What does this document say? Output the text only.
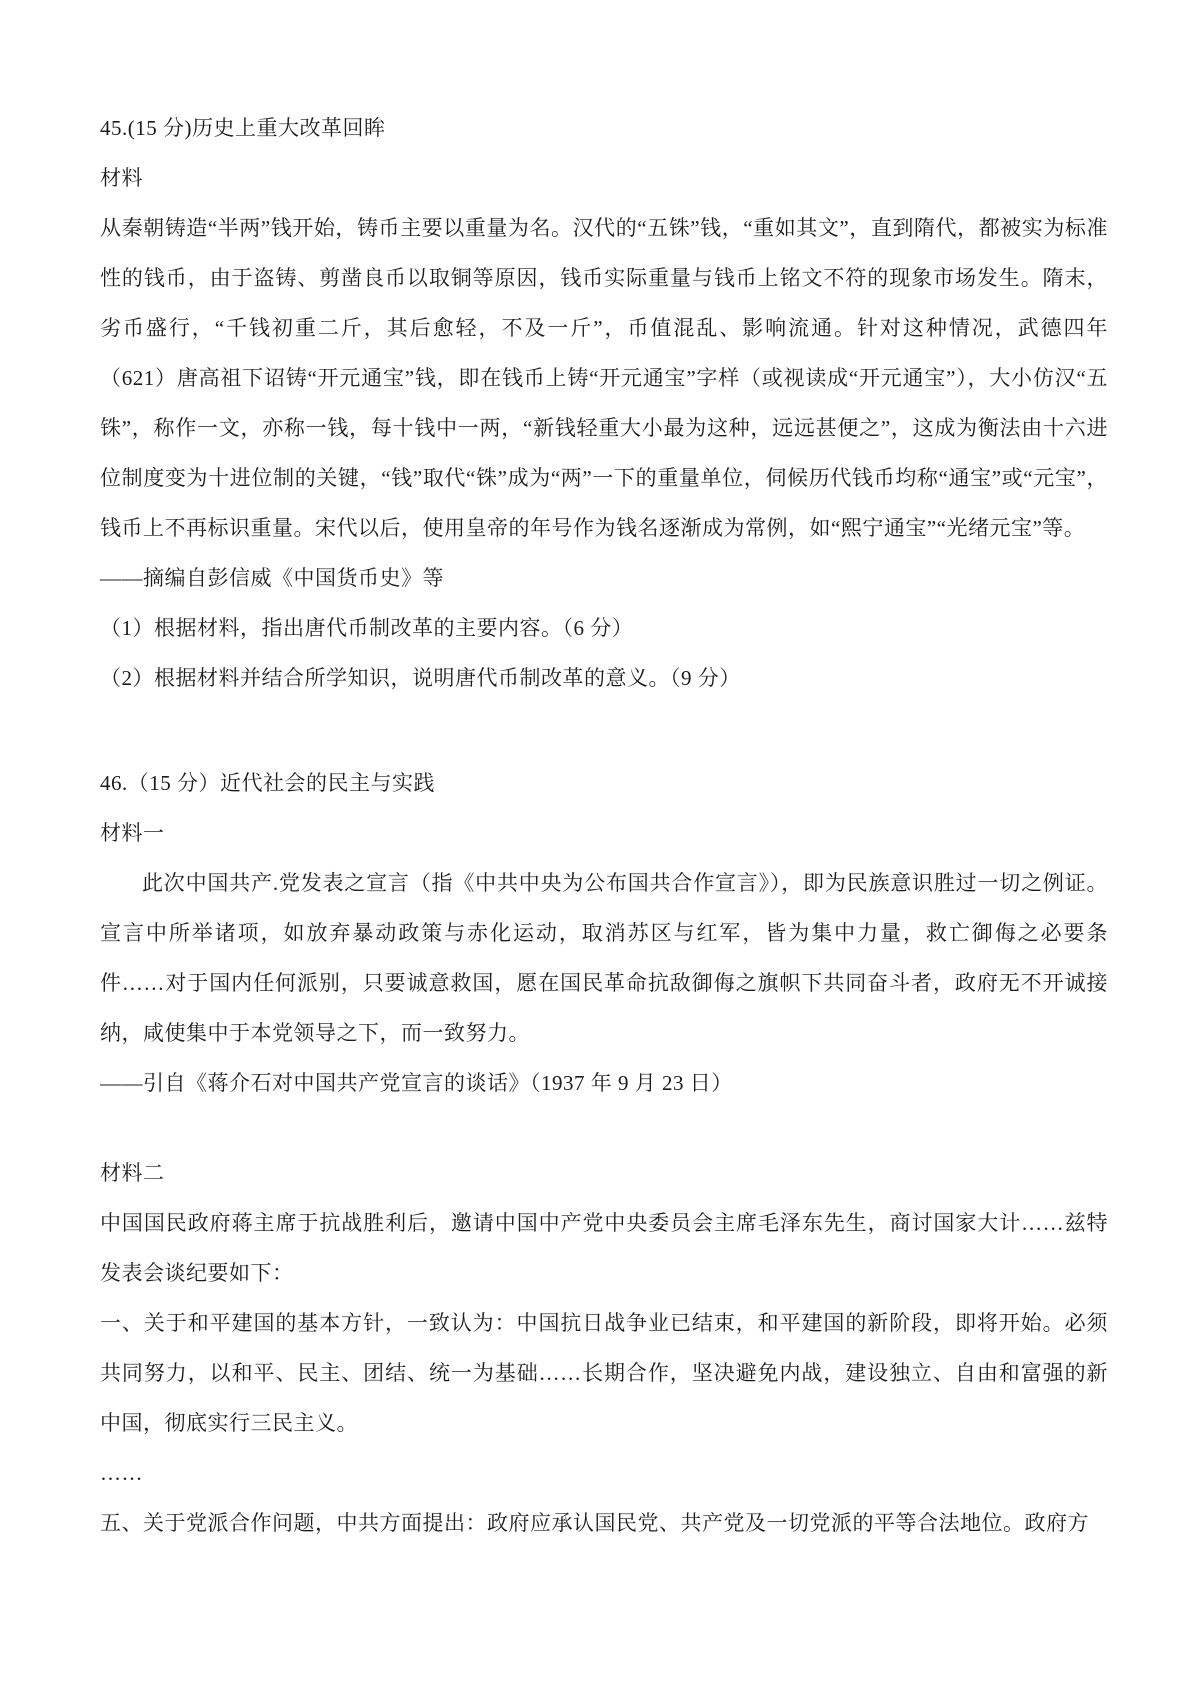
45.(15 分)历史上重大改革回眸

材料

从秦朝铸造“半两”钱开始，铸币主要以重量为名。汉代的“五铢”钱，“重如其文”，直到隋代，都被实为标准性的钱币，由于盗铸、剪凿良币以取铜等原因，钱币实际重量与钱币上铭文不符的现象市场发生。隋末，劣币盛行，“千钱初重二斤，其后愈轻，不及一斤”，币值混乱、影响流通。针对这种情况，武德四年（621）唐高祖下诏铸“开元通宝”钱，即在钱币上铸“开元通宝”字样（或视读成“开元通宝”），大小仿汉“五铢”，称作一文，亦称一钱，每十钱中一两，“新钱轻重大小最为这种，远远甚便之”，这成为衡法由十六进位制度变为十进位制的关键，“钱”取代“铢”成为“两”一下的重量单位，伺候历代钱币均称“通宝”或“元宝”，钱币上不再标识重量。宋代以后，使用皇帝的年号作为钱名逐渐成为常例，如“熙宁通宝”“光绪元宝”等。

——摘编自彭信威《中国货币史》等

（1）根据材料，指出唐代币制改革的主要内容。（6 分）

（2）根据材料并结合所学知识，说明唐代币制改革的意义。（9 分）

46.（15 分）近代社会的民主与实践

材料一

此次中国共产.党发表之宣言（指《中共中央为公布国共合作宣言》），即为民族意识胜过一切之例证。宣言中所举诸项，如放弃暴动政策与赤化运动，取消苏区与红军，皆为集中力量，救亡御侮之必要条件……对于国内任何派别，只要诚意救国，愿在国民革命抗敌御侮之旗帜下共同奋斗者，政府无不开诚接纳，咸使集中于本党领导之下，而一致努力。

——引自《蒋介石对中国共产党宣言的谈话》（1937 年 9 月 23 日）

材料二

中国国民政府蒋主席于抗战胜利后，邀请中国中产党中央委员会主席毛泽东先生，商讨国家大计……兹特发表会谈纪要如下：

一、关于和平建国的基本方针，一致认为：中国抗日战争业已结束，和平建国的新阶段，即将开始。必须共同努力，以和平、民主、团结、统一为基础……长期合作，坚决避免内战，建设独立、自由和富强的新中国，彻底实行三民主义。

……

五、关于党派合作问题，中共方面提出：政府应承认国民党、共产党及一切党派的平等合法地位。政府方
